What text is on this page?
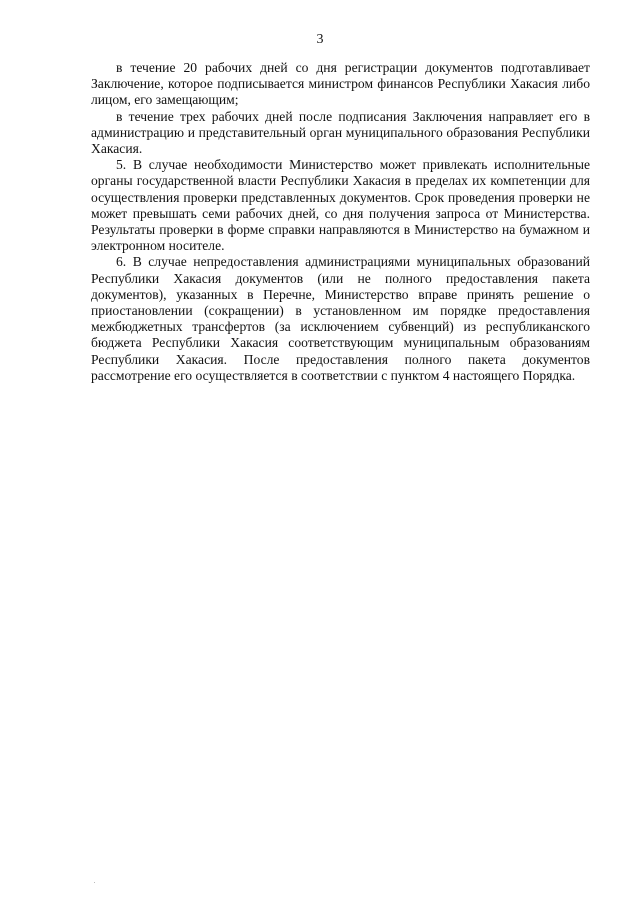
3

в течение 20 рабочих дней со дня регистрации документов подготавливает Заключение, которое подписывается министром финансов Республики Хакасия либо лицом, его замещающим;

в течение трех рабочих дней после подписания Заключения направляет его в администрацию и представительный орган муниципального образования Республики Хакасия.

5. В случае необходимости Министерство может привлекать исполнительные органы государственной власти Республики Хакасия в пределах их компетенции для осуществления проверки представленных документов. Срок проведения проверки не может превышать семи рабочих дней, со дня получения запроса от Министерства. Результаты проверки в форме справки направляются в Министерство на бумажном и электронном носителе.

6. В случае непредоставления администрациями муниципальных образований Республики Хакасия документов (или не полного предоставления пакета документов), указанных в Перечне, Министерство вправе принять решение о приостановлении (сокращении) в установленном им порядке предоставления межбюджетных трансфертов (за исключением субвенций) из республиканского бюджета Республики Хакасия соответствующим муниципальным образованиям Республики Хакасия. После предоставления полного пакета документов рассмотрение его осуществляется в соответствии с пунктом 4 настоящего Порядка.
